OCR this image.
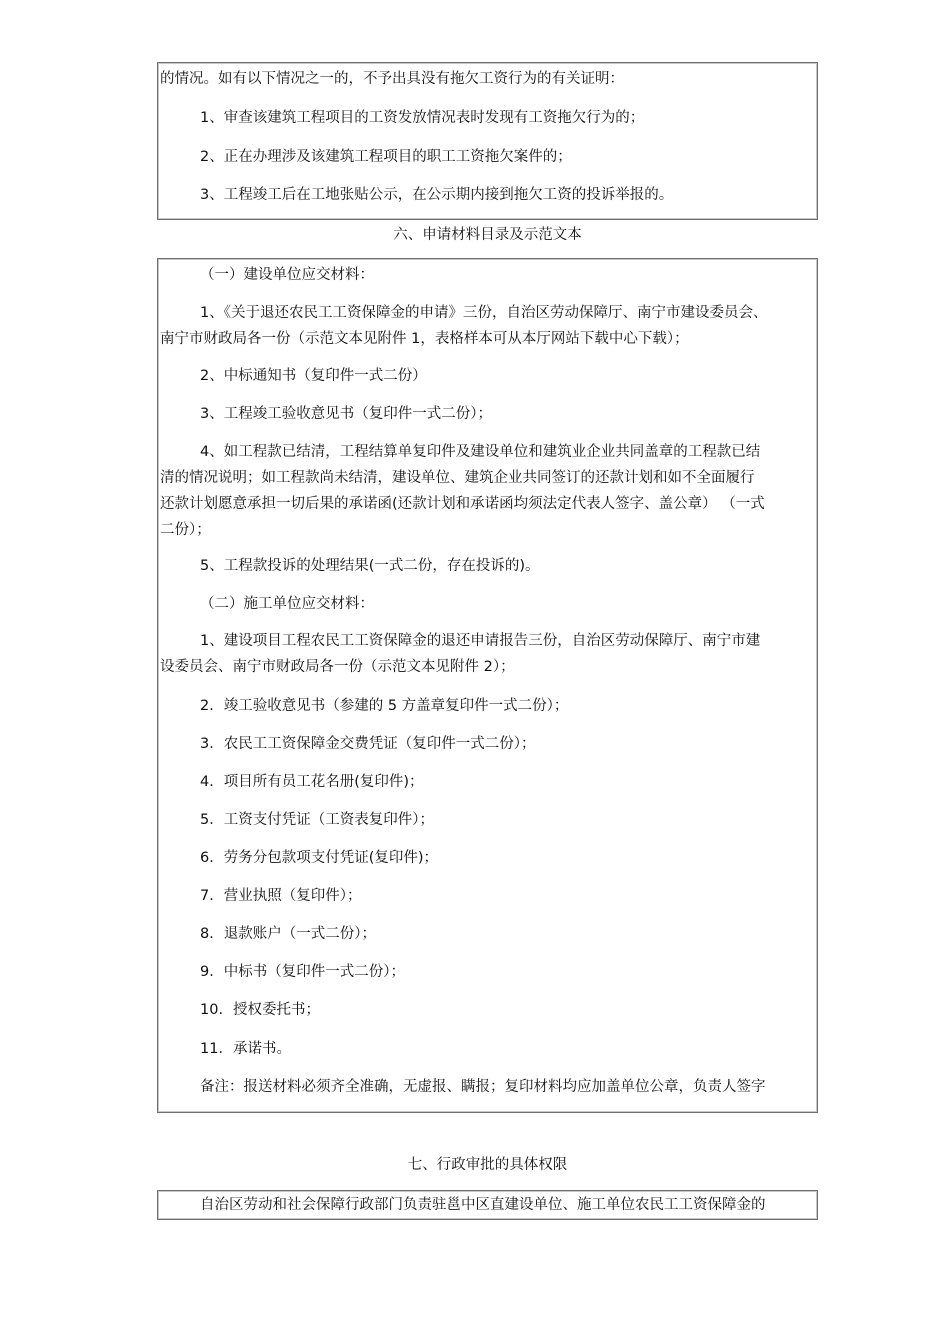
的情况。如有以下情况之一的，不予出具没有拖欠工资行为的有关证明：
1、审查该建筑工程项目的工资发放情况表时发现有工资拖欠行为的；
2、正在办理涉及该建筑工程项目的职工工资拖欠案件的；
3、工程竣工后在工地张贴公示，在公示期内接到拖欠工资的投诉举报的。
六、申请材料目录及示范文本
（一）建设单位应交材料：
1、《关于退还农民工工资保障金的申请》三份，自治区劳动保障厅、南宁市建设委员会、
南宁市财政局各一份（示范文本见附件 1，表格样本可从本厅网站下载中心下载）；
2、中标通知书（复印件一式二份）
3、工程竣工验收意见书（复印件一式二份）；
4、如工程款已结清，工程结算单复印件及建设单位和建筑业企业共同盖章的工程款已结
清的情况说明；如工程款尚未结清，建设单位、建筑企业共同签订的还款计划和如不全面履行
还款计划愿意承担一切后果的承诺函(还款计划和承诺函均须法定代表人签字、盖公章） （一式
二份）；
5、工程款投诉的处理结果(一式二份，存在投诉的)。
（二）施工单位应交材料：
1、建设项目工程农民工工资保障金的退还申请报告三份，自治区劳动保障厅、南宁市建
设委员会、南宁市财政局各一份（示范文本见附件 2）；
2．竣工验收意见书（参建的 5 方盖章复印件一式二份）；
3．农民工工资保障金交费凭证（复印件一式二份）；
4．项目所有员工花名册(复印件)；
5．工资支付凭证（工资表复印件）；
6．劳务分包款项支付凭证(复印件)；
7．营业执照（复印件）；
8．退款账户（一式二份）；
9．中标书（复印件一式二份）；
10．授权委托书；
11．承诺书。
备注：报送材料必须齐全准确，无虚报、瞒报；复印材料均应加盖单位公章，负责人签字
七、行政审批的具体权限
自治区劳动和社会保障行政部门负责驻邕中区直建设单位、施工单位农民工工资保障金的
